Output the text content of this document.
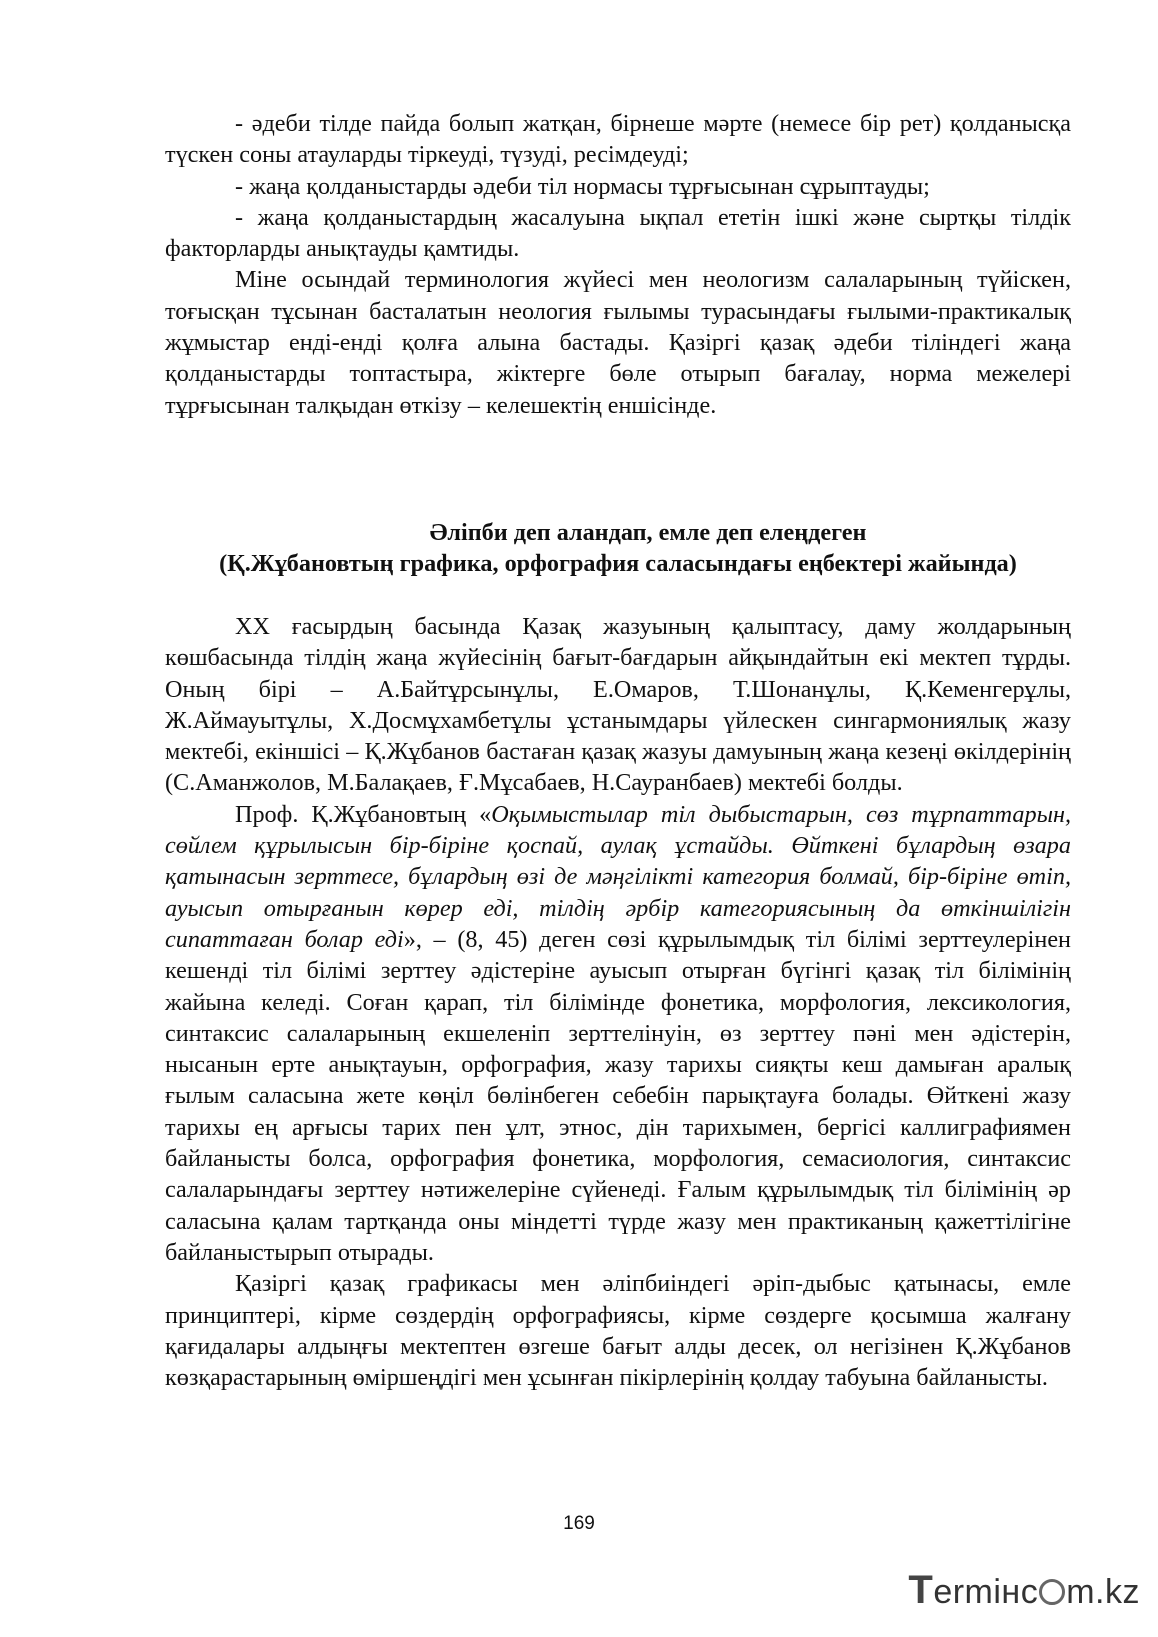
- әдеби тілде пайда болып жатқан, бірнеше мәрте (немесе бір рет) қолданысқа түскен соны атауларды тіркеуді, түзуді, ресімдеуді;

- жаңа қолданыстарды әдеби тіл нормасы тұрғысынан сұрыптауды;

- жаңа қолданыстардың жасалуына ықпал ететін ішкі және сыртқы тілдік факторларды анықтауды қамтиды.

Міне осындай терминология жүйесі мен неологизм салаларының түйіскен, тоғысқан тұсынан басталатын неология ғылымы турасындағы ғылыми-практикалық жұмыстар енді-енді қолға алына бастады. Қазіргі қазақ әдеби тіліндегі жаңа қолданыстарды топтастыра, жіктерге бөле отырып бағалау, норма межелері тұрғысынан талқыдан өткізу – келешектің еншісінде.

Әліпби деп аландап, емле деп елеңдеген
(Қ.Жұбановтың графика, орфография саласындағы еңбектері жайында)

ХХ ғасырдың басында Қазақ жазуының қалыптасу, даму жолдарының көшбасында тілдің жаңа жүйесінің бағыт-бағдарын айқындайтын екі мектеп тұрды. Оның бірі – А.Байтұрсынұлы, Е.Омаров, Т.Шонанұлы, Қ.Кеменгерұлы, Ж.Аймауытұлы, Х.Досмұхамбетұлы ұстанымдары үйлескен сингармониялық жазу мектебі, екіншісі – Қ.Жұбанов бастаған қазақ жазуы дамуының жаңа кезеңі өкілдерінің (С.Аманжолов, М.Балақаев, Ғ.Мұсабаев, Н.Сауранбаев) мектебі болды.

Проф. Қ.Жұбановтың «Оқымыстылар тіл дыбыстарын, сөз тұрпаттарын, сөйлем құрылысын бір-біріне қоспай, аулақ ұстайды. Өйткені бұлардың өзара қатынасын зерттесе, бұлардың өзі де мәңгілікті категория болмай, бір-біріне өтіп, ауысып отырғанын көрер еді, тілдің әрбір категориясының да өткіншілігін сипаттаған болар еді», – (8, 45) деген сөзі құрылымдық тіл білімі зерттеулерінен кешенді тіл білімі зерттеу әдістеріне ауысып отырған бүгінгі қазақ тіл білімінің жайына келеді. Соған қарап, тіл білімінде фонетика, морфология, лексикология, синтаксис салаларының екшеленіп зерттелінуін, өз зерттеу пәні мен әдістерін, нысанын ерте анықтауын, орфография, жазу тарихы сияқты кеш дамыған аралық ғылым саласына жете көңіл бөлінбеген себебін парықтауға болады. Өйткені жазу тарихы ең арғысы тарих пен ұлт, этнос, дін тарихымен, бергісі каллиграфиямен байланысты болса, орфография фонетика, морфология, семасиология, синтаксис салаларындағы зерттеу нәтижелеріне сүйенеді. Ғалым құрылымдық тіл білімінің әр саласына қалам тартқанда оны міндетті түрде жазу мен практиканың қажеттілігіне байланыстырып отырады.

Қазіргі қазақ графикасы мен әліпбиіндегі әріп-дыбыс қатынасы, емле принциптері, кірме сөздердің орфографиясы, кірме сөздерге қосымша жалғану қағидалары алдыңғы мектептен өзгеше бағыт алды десек, ол негізінен Қ.Жұбанов көзқарастарының өміршеңдігі мен ұсынған пікірлерінің қолдау табуына байланысты.

169
Termінc m.kz
